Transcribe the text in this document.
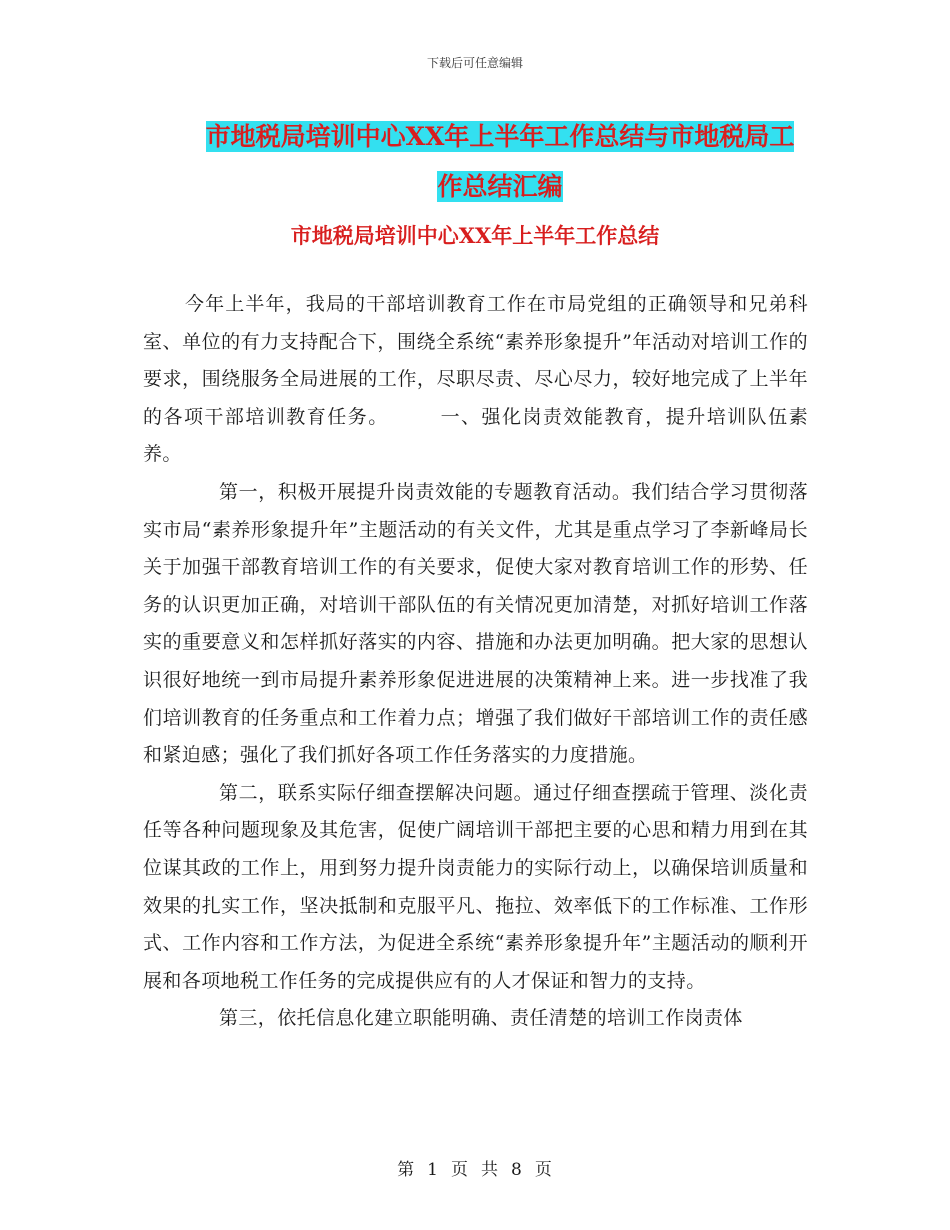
下载后可任意编辑
市地税局培训中心XX年上半年工作总结与市地税局工
作总结汇编
市地税局培训中心XX年上半年工作总结

今年上半年，我局的干部培训教育工作在市局党组的正确领导和兄弟科室、单位的有力支持配合下，围绕全系统“素养形象提升”年活动对培训工作的要求，围绕服务全局进展的工作，尽职尽责、尽心尽力，较好地完成了上半年的各项干部培训教育任务。　　　一、强化岗责效能教育，提升培训队伍素养。

第一，积极开展提升岗责效能的专题教育活动。我们结合学习贯彻落实市局“素养形象提升年”主题活动的有关文件，尤其是重点学习了李新峰局长关于加强干部教育培训工作的有关要求，促使大家对教育培训工作的形势、任务的认识更加正确，对培训干部队伍的有关情况更加清楚，对抓好培训工作落实的重要意义和怎样抓好落实的内容、措施和办法更加明确。把大家的思想认识很好地统一到市局提升素养形象促进进展的决策精神上来。进一步找准了我们培训教育的任务重点和工作着力点；增强了我们做好干部培训工作的责任感和紧迫感；强化了我们抓好各项工作任务落实的力度措施。

第二，联系实际仔细查摆解决问题。通过仔细查摆疏于管理、淡化责任等各种问题现象及其危害，促使广阔培训干部把主要的心思和精力用到在其位谋其政的工作上，用到努力提升岗责能力的实际行动上，以确保培训质量和效果的扎实工作，坚决抵制和克服平凡、拖拉、效率低下的工作标准、工作形式、工作内容和工作方法，为促进全系统“素养形象提升年”主题活动的顺利开展和各项地税工作任务的完成提供应有的人才保证和智力的支持。

第三，依托信息化建立职能明确、责任清楚的培训工作岗责体

第 1 页 共 8 页
